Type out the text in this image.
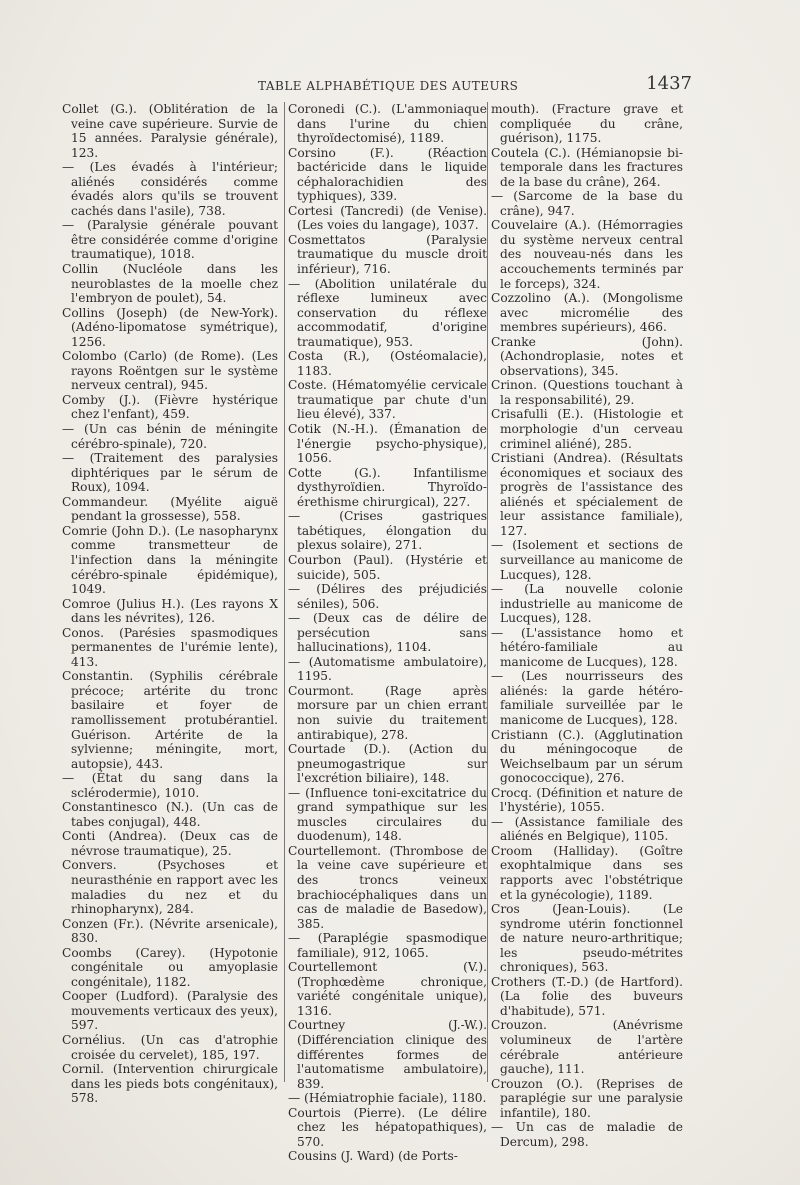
TABLE ALPHABÉTIQUE DES AUTEURS	1437

Collet (G.). (Oblitération de la veine cave supérieure. Survie de 15 années. Paralysie générale), 123.

— (Les évadés à l'intérieur; aliénés considérés comme évadés alors qu'ils se trouvent cachés dans l'asile), 738.

— (Paralysie générale pouvant être considérée comme d'origine traumatique), 1018.

Collin (Nucléole dans les neuroblastes de la moelle chez l'embryon de poulet), 54.

Collins (Joseph) (de New-York). (Adéno-lipomatose symétrique), 1256.

Colombo (Carlo) (de Rome). (Les rayons Roëntgen sur le système nerveux central), 945.

Comby (J.). (Fièvre hystérique chez l'enfant), 459.

— (Un cas bénin de méningite cérébro-spinale), 720.

— (Traitement des paralysies diphtériques par le sérum de Roux), 1094.

Commandeur. (Myélite aiguë pendant la grossesse), 558.

Comrie (John D.). (Le nasopharynx comme transmetteur de l'infection dans la méningite cérébro-spinale épidémique), 1049.

Comroe (Julius H.). (Les rayons X dans les névrites), 126.

Conos. (Parésies spasmodiques permanentes de l'urémie lente), 413.

Constantin. (Syphilis cérébrale précoce; artérite du tronc basilaire et foyer de ramollissement protubérantiel. Guérison. Artérite de la sylvienne; méningite, mort, autopsie), 443.

— (État du sang dans la sclérodermie), 1010.

Constantinesco (N.). (Un cas de tabes conjugal), 448.

Conti (Andrea). (Deux cas de névrose traumatique), 25.

Convers. (Psychoses et neurasthénie en rapport avec les maladies du nez et du rhinopharynx), 284.

Conzen (Fr.). (Névrite arsenicale), 830.

Coombs (Carey). (Hypotonie congénitale ou amyoplasie congénitale), 1182.

Cooper (Ludford). (Paralysie des mouvements verticaux des yeux), 597.

Cornélius. (Un cas d'atrophie croisée du cervelet), 185, 197.

Cornil. (Intervention chirurgicale dans les pieds bots congénitaux), 578.

Coronedi (C.). (L'ammoniaque dans l'urine du chien thyroïdectomisé), 1189.

Corsino (F.). (Réaction bactéricide dans le liquide céphalorachidien des typhiques), 339.

Cortesi (Tancredi) (de Venise). (Les voies du langage), 1037.

Cosmettatos (Paralysie traumatique du muscle droit inférieur), 716.

— (Abolition unilatérale du réflexe lumineux avec conservation du réflexe accommodatif, d'origine traumatique), 953.

Costa (R.), (Ostéomalacie), 1183.

Coste. (Hématomyélie cervicale traumatique par chute d'un lieu élevé), 337.

Cotik (N.-H.). (Émanation de l'énergie psycho-physique), 1056.

Cotte (G.). Infantilisme dysthyroïdien. Thyroïdo-érethisme chirurgical), 227.

— (Crises gastriques tabétiques, élongation du plexus solaire), 271.

Courbon (Paul). (Hystérie et suicide), 505.

— (Délires des préjudiciés séniles), 506.

— (Deux cas de délire de persécution sans hallucinations), 1104.

— (Automatisme ambulatoire), 1195.

Courmont. (Rage après morsure par un chien errant non suivie du traitement antirabique), 278.

Courtade (D.). (Action du pneumogastrique sur l'excrétion biliaire), 148.

— (Influence toni-excitatrice du grand sympathique sur les muscles circulaires du duodenum), 148.

Courtellemont. (Thrombose de la veine cave supérieure et des troncs veineux brachiocéphaliques dans un cas de maladie de Basedow), 385.

— (Paraplégie spasmodique familiale), 912, 1065.

Courtellemont (V.). (Trophœdème chronique, variété congénitale unique), 1316.

Courtney (J.-W.). (Différenciation clinique des différentes formes de l'automatisme ambulatoire), 839.

— (Hémiatrophie faciale), 1180.

Courtois (Pierre). (Le délire chez les hépatopathiques), 570.

Cousins (J. Ward) (de Ports-

mouth). (Fracture grave et compliquée du crâne, guérison), 1175.

Coutela (C.). (Hémianopsie bi-temporale dans les fractures de la base du crâne), 264.

— (Sarcome de la base du crâne), 947.

Couvelaire (A.). (Hémorragies du système nerveux central des nouveau-nés dans les accouchements terminés par le forceps), 324.

Cozzolino (A.). (Mongolisme avec micromélie des membres supérieurs), 466.

Cranke (John). (Achondroplasie, notes et observations), 345.

Crinon. (Questions touchant à la responsabilité), 29.

Crisafulli (E.). (Histologie et morphologie d'un cerveau criminel aliéné), 285.

Cristiani (Andrea). (Résultats économiques et sociaux des progrès de l'assistance des aliénés et spécialement de leur assistance familiale), 127.

— (Isolement et sections de surveillance au manicome de Lucques), 128.

— (La nouvelle colonie industrielle au manicome de Lucques), 128.

— (L'assistance homo et hétéro-familiale au manicome de Lucques), 128.

— (Les nourrisseurs des aliénés: la garde hétéro-familiale surveillée par le manicome de Lucques), 128.

Cristiann (C.). (Agglutination du méningocoque de Weichselbaum par un sérum gonococcique), 276.

Crocq. (Définition et nature de l'hystérie), 1055.

— (Assistance familiale des aliénés en Belgique), 1105.

Croom (Halliday). (Goître exophtalmique dans ses rapports avec l'obstétrique et la gynécologie), 1189.

Cros (Jean-Louis). (Le syndrome utérin fonctionnel de nature neuro-arthritique; les pseudo-métrites chroniques), 563.

Crothers (T.-D.) (de Hartford). (La folie des buveurs d'habitude), 571.

Crouzon. (Anévrisme volumineux de l'artère cérébrale antérieure gauche), 111.

Crouzon (O.). (Reprises de paraplégie sur une paralysie infantile), 180.

— Un cas de maladie de Dercum), 298.
